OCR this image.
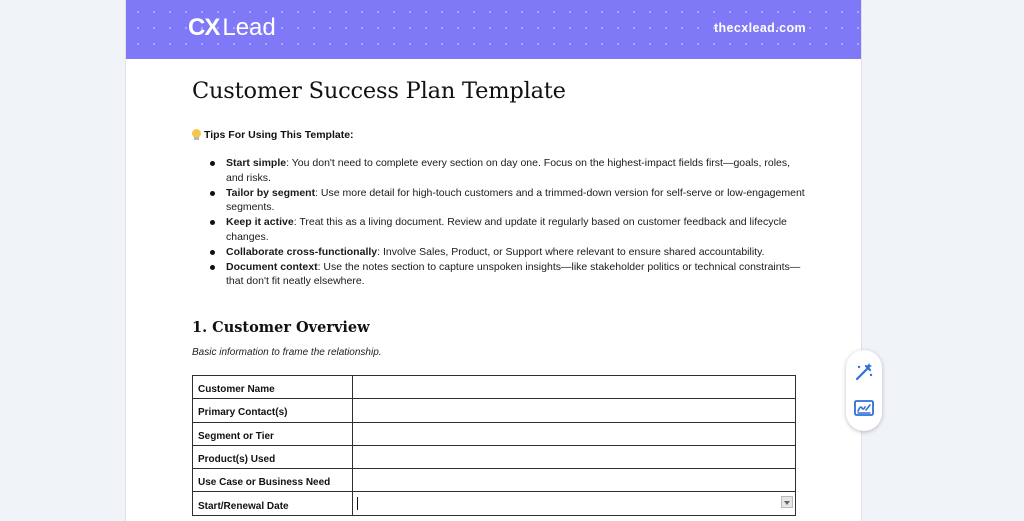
CX Lead	thecxlead.com
Customer Success Plan Template
Tips For Using This Template:
Start simple: You don't need to complete every section on day one. Focus on the highest-impact fields first—goals, roles, and risks.
Tailor by segment: Use more detail for high-touch customers and a trimmed-down version for self-serve or low-engagement segments.
Keep it active: Treat this as a living document. Review and update it regularly based on customer feedback and lifecycle changes.
Collaborate cross-functionally: Involve Sales, Product, or Support where relevant to ensure shared accountability.
Document context: Use the notes section to capture unspoken insights—like stakeholder politics or technical constraints—that don't fit neatly elsewhere.
1. Customer Overview

Basic information to frame the relationship.

Customer Name	
Primary Contact(s)	
Segment or Tier	
Product(s) Used	
Use Case or Business Need	
Start/Renewal Date	
